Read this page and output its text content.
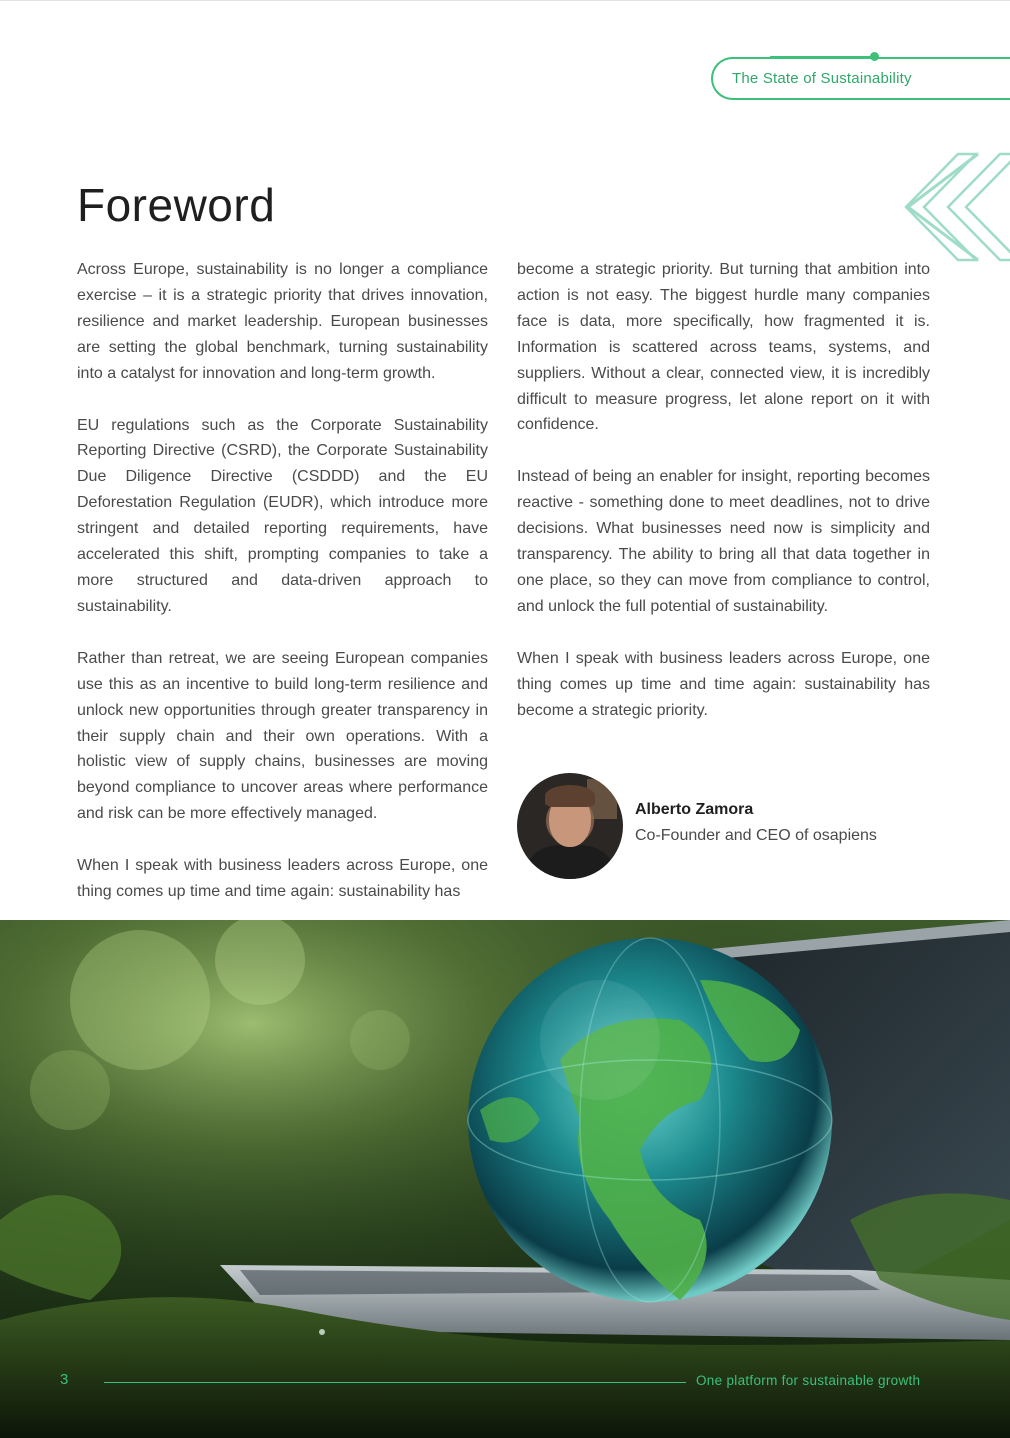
The State of Sustainability
Foreword

Across Europe, sustainability is no longer a compliance exercise – it is a strategic priority that drives innovation, resilience and market leadership. European businesses are setting the global benchmark, turning sustainability into a catalyst for innovation and long-term growth.

EU regulations such as the Corporate Sustainability Reporting Directive (CSRD), the Corporate Sustainability Due Diligence Directive (CSDDD) and the EU Deforestation Regulation (EUDR), which introduce more stringent and detailed reporting requirements, have accelerated this shift, prompting companies to take a more structured and data-driven approach to sustainability.

Rather than retreat, we are seeing European companies use this as an incentive to build long-term resilience and unlock new opportunities through greater transparency in their supply chain and their own operations. With a holistic view of supply chains, businesses are moving beyond compliance to uncover areas where performance and risk can be more effectively managed.

When I speak with business leaders across Europe, one thing comes up time and time again: sustainability has

become a strategic priority. But turning that ambition into action is not easy. The biggest hurdle many companies face is data, more specifically, how fragmented it is. Information is scattered across teams, systems, and suppliers. Without a clear, connected view, it is incredibly difficult to measure progress, let alone report on it with confidence.

Instead of being an enabler for insight, reporting becomes reactive - something done to meet deadlines, not to drive decisions. What businesses need now is simplicity and transparency. The ability to bring all that data together in one place, so they can move from compliance to control, and unlock the full potential of sustainability.

When I speak with business leaders across Europe, one thing comes up time and time again: sustainability has become a strategic priority.

Alberto Zamora
Co-Founder and CEO of osapiens
3	One platform for sustainable growth
